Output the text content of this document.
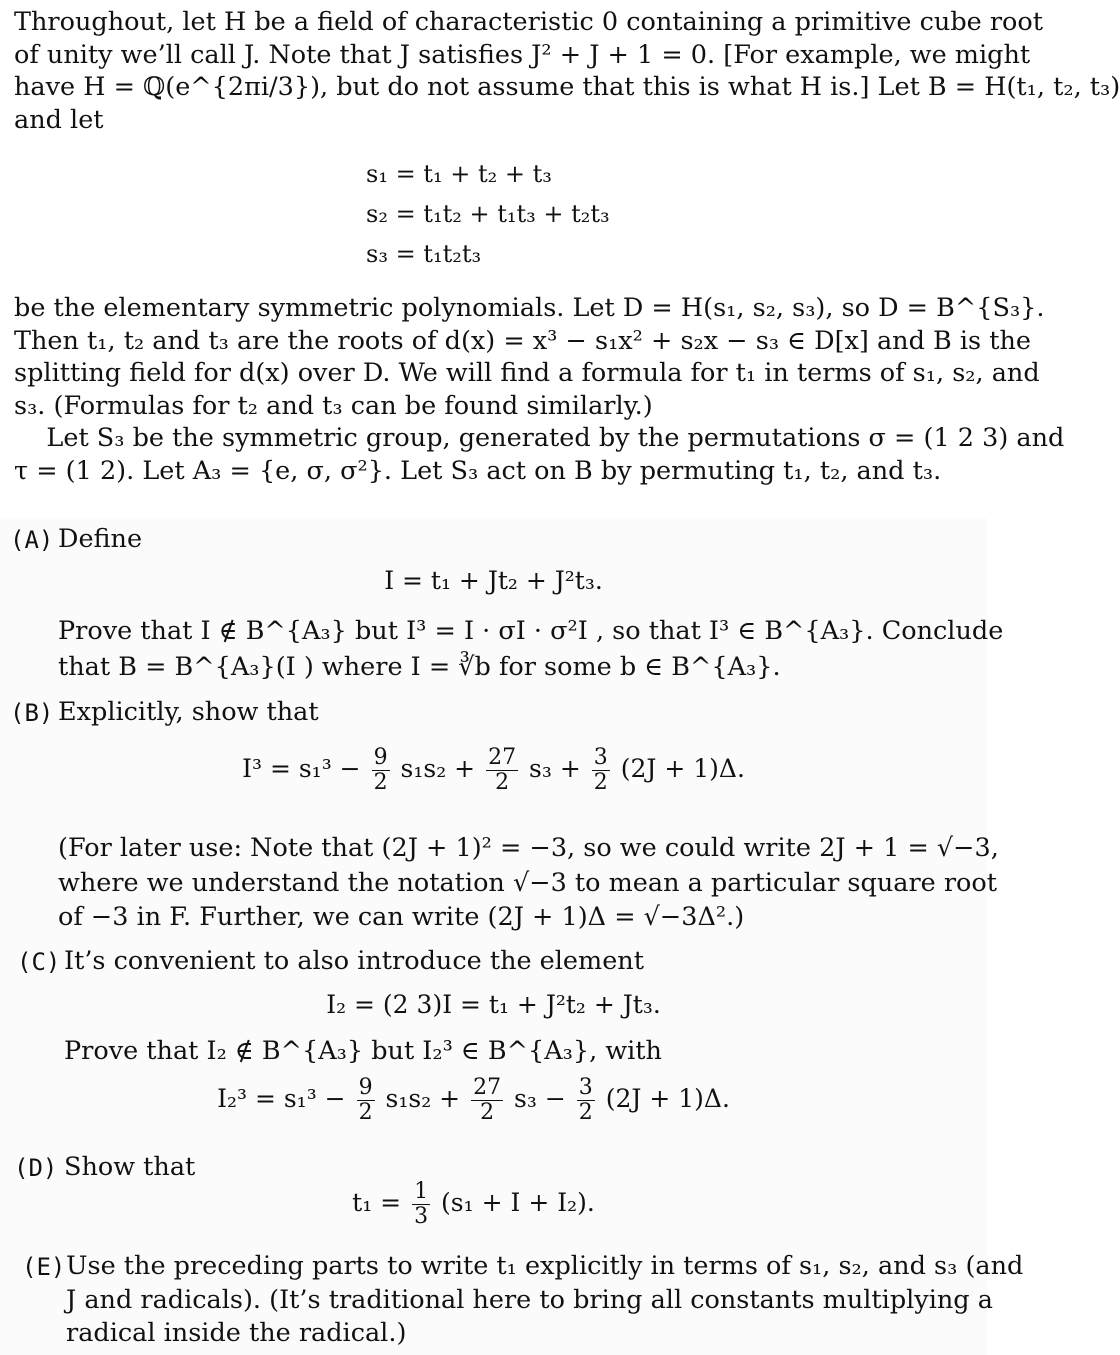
Throughout, let H be a field of characteristic 0 containing a primitive cube root
of unity we’ll call J. Note that J satisfies J² + J + 1 = 0. [For example, we might
have H = ℚ(e^{2πi/3}), but do not assume that this is what H is.] Let B = H(t₁, t₂, t₃)
and let
s₁ = t₁ + t₂ + t₃
s₂ = t₁t₂ + t₁t₃ + t₂t₃
s₃ = t₁t₂t₃
be the elementary symmetric polynomials. Let D = H(s₁, s₂, s₃), so D = B^{S₃}.
Then t₁, t₂ and t₃ are the roots of d(x) = x³ − s₁x² + s₂x − s₃ ∈ D[x] and B is the
splitting field for d(x) over D. We will find a formula for t₁ in terms of s₁, s₂, and
s₃. (Formulas for t₂ and t₃ can be found similarly.)
Let S₃ be the symmetric group, generated by the permutations σ = (1 2 3) and
τ = (1 2). Let A₃ = {e, σ, σ²}. Let S₃ act on B by permuting t₁, t₂, and t₃.
(A) Define
I = t₁ + Jt₂ + J²t₃.
Prove that I ∉ B^{A₃} but I³ = I · σI · σ²I , so that I³ ∈ B^{A₃}. Conclude
that B = B^{A₃}(I ) where I = ∛b for some b ∈ B^{A₃}.
(B) Explicitly, show that
$I^3 = s_1^3 - \frac{9}{2} s_1s_2 + \frac{27}{2} s_3 + \frac{3}{2} (2J + 1)\Delta$.
(For later use: Note that (2J + 1)² = −3, so we could write 2J + 1 = √−3,
where we understand the notation √−3 to mean a particular square root
of −3 in F. Further, we can write (2J + 1)Δ = √−3Δ².)
(C) It’s convenient to also introduce the element
I₂ = (2 3)I = t₁ + J²t₂ + Jt₃.
Prove that I₂ ∉ B^{A₃} but I₂³ ∈ B^{A₃}, with
$I_2^3 = s_1^3 - \frac{9}{2} s_1s_2 + \frac{27}{2} s_3 - \frac{3}{2} (2J + 1)\Delta$.
(D) Show that
$t_1 = \frac{1}{3} (s_1 + I + I_2)$.
(E) Use the preceding parts to write t₁ explicitly in terms of s₁, s₂, and s₃ (and
J and radicals). (It’s traditional here to bring all constants multiplying a
radical inside the radical.)
